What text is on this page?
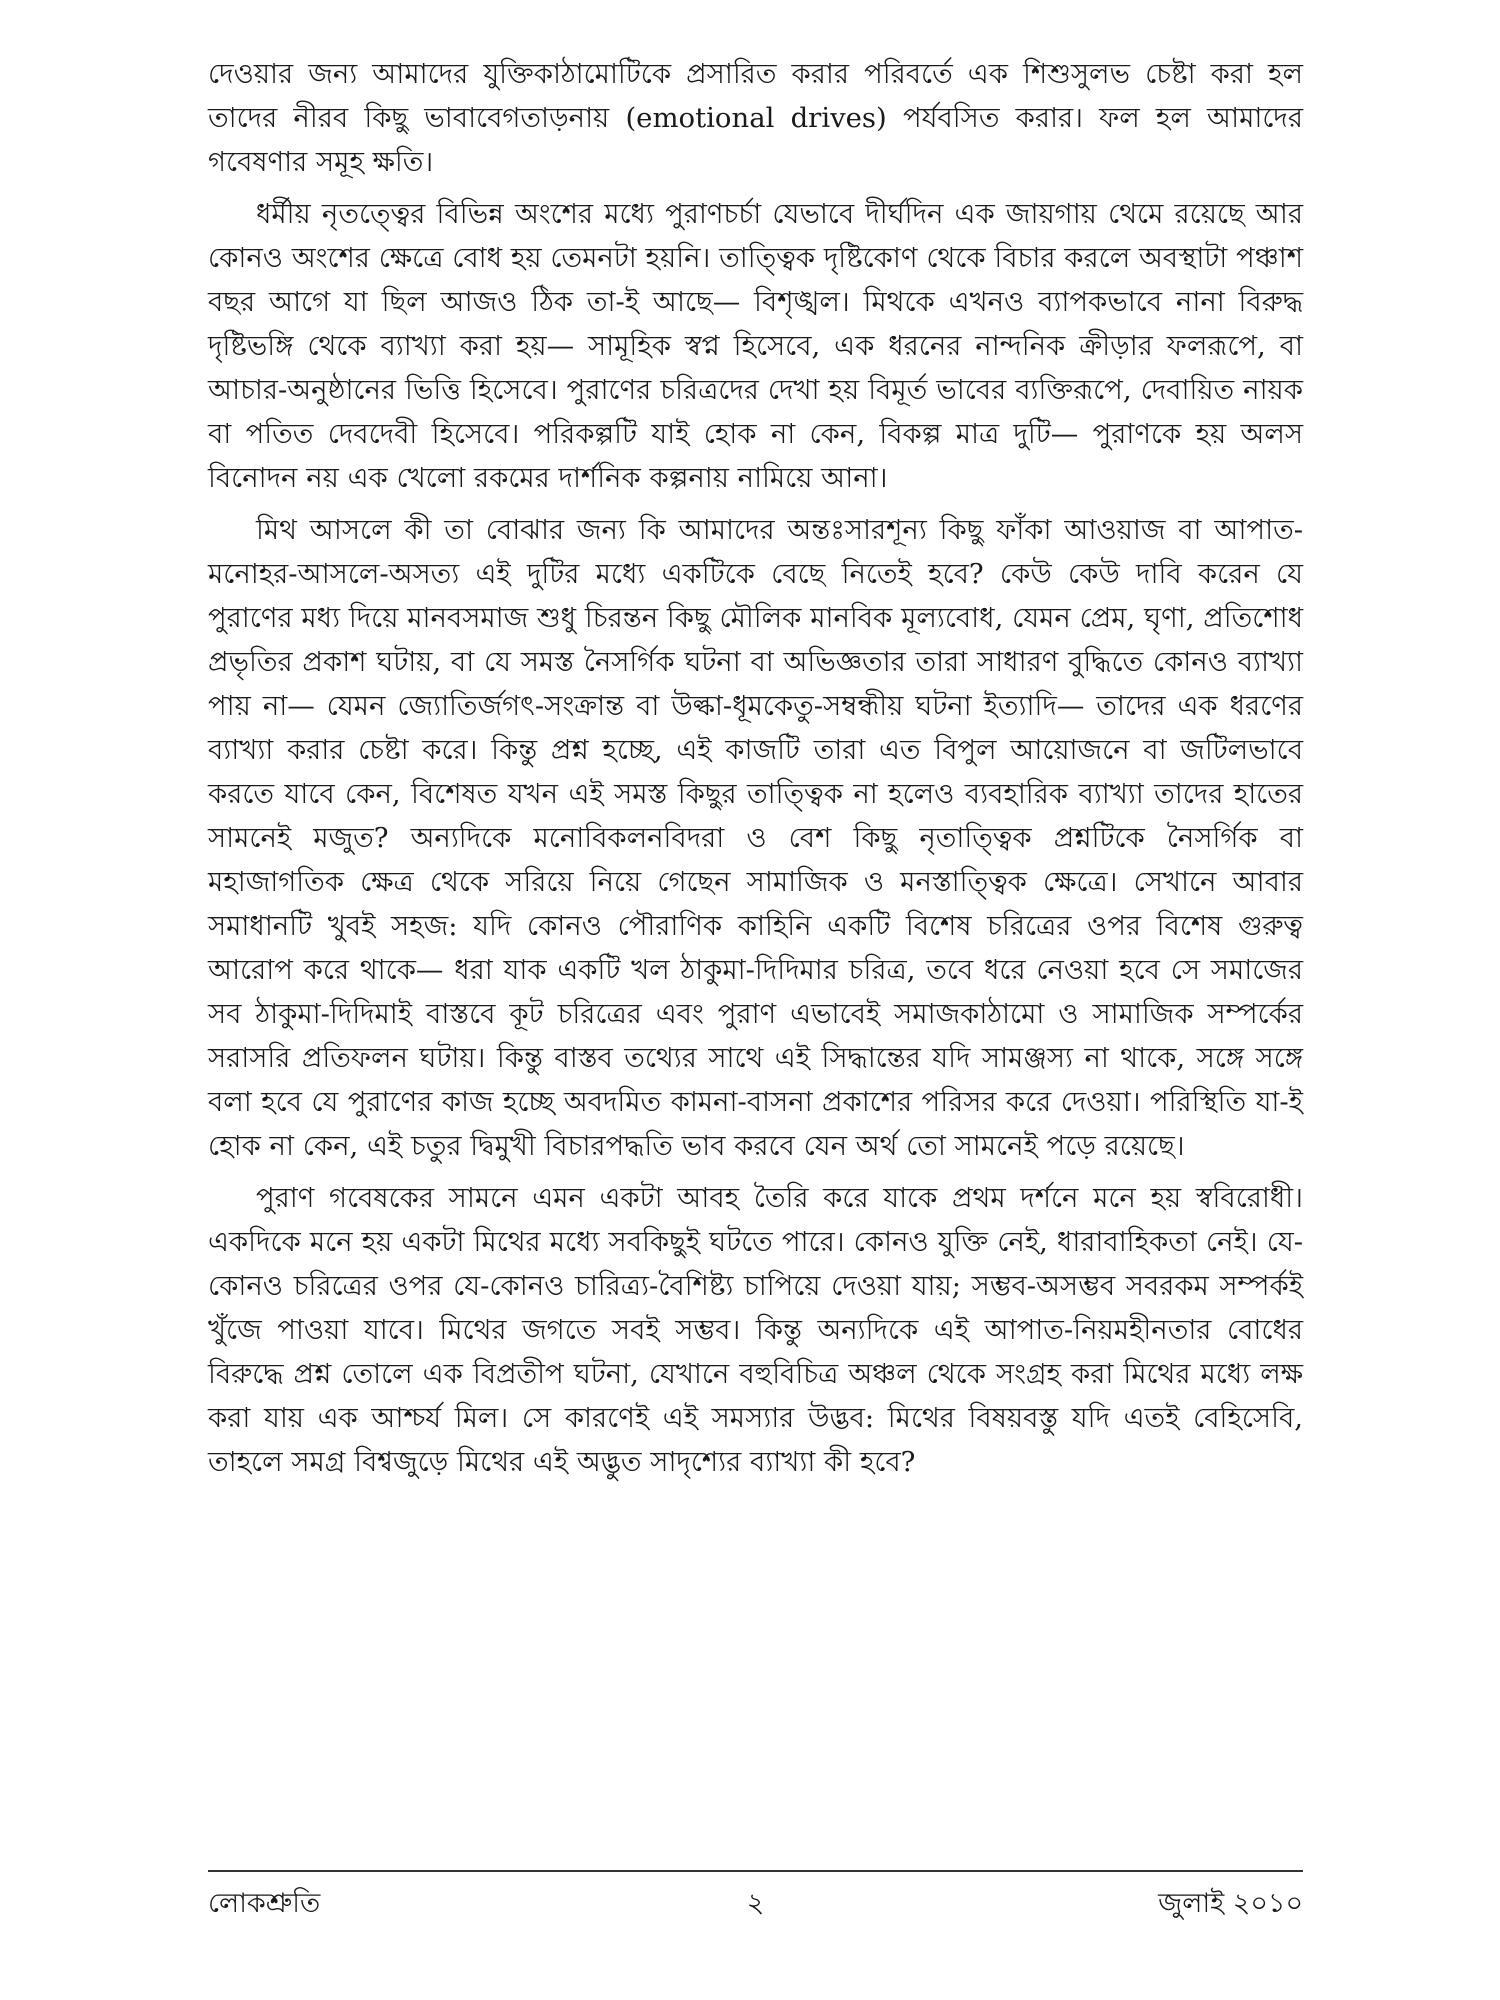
দেওয়ার জন্য আমাদের যুক্তিকাঠামোটিকে প্রসারিত করার পরিবর্তে এক শিশুসুলভ চেষ্টা করা হল তাদের নীরব কিছু ভাবাবেগতাড়নায় (emotional drives) পর্যবসিত করার। ফল হল আমাদের গবেষণার সমূহ ক্ষতি।

ধর্মীয় নৃতত্ত্বের বিভিন্ন অংশের মধ্যে পুরাণচর্চা যেভাবে দীর্ঘদিন এক জায়গায় থেমে রয়েছে আর কোনও অংশের ক্ষেত্রে বোধ হয় তেমনটা হয়নি। তাত্ত্বিক দৃষ্টিকোণ থেকে বিচার করলে অবস্থাটা পঞ্চাশ বছর আগে যা ছিল আজও ঠিক তা-ই আছে— বিশৃঙ্খল। মিথকে এখনও ব্যাপকভাবে নানা বিরুদ্ধ দৃষ্টিভঙ্গি থেকে ব্যাখ্যা করা হয়— সামূহিক স্বপ্ন হিসেবে, এক ধরনের নান্দনিক ক্রীড়ার ফলরূপে, বা আচার-অনুষ্ঠানের ভিত্তি হিসেবে। পুরাণের চরিত্রদের দেখা হয় বিমূর্ত ভাবের ব্যক্তিরূপে, দেবায়িত নায়ক বা পতিত দেবদেবী হিসেবে। পরিকল্পটি যাই হোক না কেন, বিকল্প মাত্র দুটি— পুরাণকে হয় অলস বিনোদন নয় এক খেলো রকমের দার্শনিক কল্পনায় নামিয়ে আনা।

মিথ আসলে কী তা বোঝার জন্য কি আমাদের অন্তঃসারশূন্য কিছু ফাঁকা আওয়াজ বা আপাত-মনোহর-আসলে-অসত্য এই দুটির মধ্যে একটিকে বেছে নিতেই হবে? কেউ কেউ দাবি করেন যে পুরাণের মধ্য দিয়ে মানবসমাজ শুধু চিরন্তন কিছু মৌলিক মানবিক মূল্যবোধ, যেমন প্রেম, ঘৃণা, প্রতিশোধ প্রভৃতির প্রকাশ ঘটায়, বা যে সমস্ত নৈসর্গিক ঘটনা বা অভিজ্ঞতার তারা সাধারণ বুদ্ধিতে কোনও ব্যাখ্যা পায় না— যেমন জ্যোতির্জগৎ-সংক্রান্ত বা উল্কা-ধূমকেতু-সম্বন্ধীয় ঘটনা ইত্যাদি— তাদের এক ধরণের ব্যাখ্যা করার চেষ্টা করে। কিন্তু প্রশ্ন হচ্ছে, এই কাজটি তারা এত বিপুল আয়োজনে বা জটিলভাবে করতে যাবে কেন, বিশেষত যখন এই সমস্ত কিছুর তাত্ত্বিক না হলেও ব্যবহারিক ব্যাখ্যা তাদের হাতের সামনেই মজুত? অন্যদিকে মনোবিকলনবিদরা ও বেশ কিছু নৃতাত্ত্বিক প্রশ্নটিকে নৈসর্গিক বা মহাজাগতিক ক্ষেত্র থেকে সরিয়ে নিয়ে গেছেন সামাজিক ও মনস্তাত্ত্বিক ক্ষেত্রে। সেখানে আবার সমাধানটি খুবই সহজ: যদি কোনও পৌরাণিক কাহিনি একটি বিশেষ চরিত্রের ওপর বিশেষ গুরুত্ব আরোপ করে থাকে— ধরা যাক একটি খল ঠাকুমা-দিদিমার চরিত্র, তবে ধরে নেওয়া হবে সে সমাজের সব ঠাকুমা-দিদিমাই বাস্তবে কূট চরিত্রের এবং পুরাণ এভাবেই সমাজকাঠামো ও সামাজিক সম্পর্কের সরাসরি প্রতিফলন ঘটায়। কিন্তু বাস্তব তথ্যের সাথে এই সিদ্ধান্তের যদি সামঞ্জস্য না থাকে, সঙ্গে সঙ্গে বলা হবে যে পুরাণের কাজ হচ্ছে অবদমিত কামনা-বাসনা প্রকাশের পরিসর করে দেওয়া। পরিস্থিতি যা-ই হোক না কেন, এই চতুর দ্বিমুখী বিচারপদ্ধতি ভাব করবে যেন অর্থ তো সামনেই পড়ে রয়েছে।

পুরাণ গবেষকের সামনে এমন একটা আবহ তৈরি করে যাকে প্রথম দর্শনে মনে হয় স্ববিরোধী। একদিকে মনে হয় একটা মিথের মধ্যে সবকিছুই ঘটতে পারে। কোনও যুক্তি নেই, ধারাবাহিকতা নেই। যে-কোনও চরিত্রের ওপর যে-কোনও চারিত্র্য-বৈশিষ্ট্য চাপিয়ে দেওয়া যায়; সম্ভব-অসম্ভব সবরকম সম্পর্কই খুঁজে পাওয়া যাবে। মিথের জগতে সবই সম্ভব। কিন্তু অন্যদিকে এই আপাত-নিয়মহীনতার বোধের বিরুদ্ধে প্রশ্ন তোলে এক বিপ্রতীপ ঘটনা, যেখানে বহুবিচিত্র অঞ্চল থেকে সংগ্রহ করা মিথের মধ্যে লক্ষ করা যায় এক আশ্চর্য মিল। সে কারণেই এই সমস্যার উদ্ভব: মিথের বিষয়বস্তু যদি এতই বেহিসেবি, তাহলে সমগ্র বিশ্বজুড়ে মিথের এই অদ্ভুত সাদৃশ্যের ব্যাখ্যা কী হবে?

লোকশ্রুতি	২	জুলাই ২০১০
